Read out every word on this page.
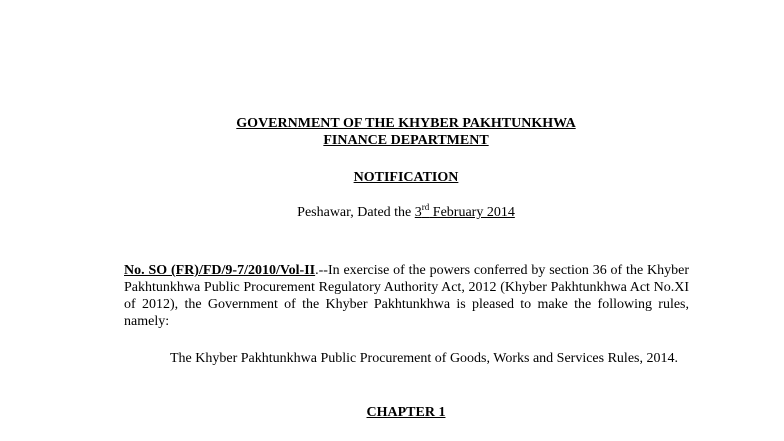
GOVERNMENT OF THE KHYBER PAKHTUNKHWA
FINANCE DEPARTMENT
NOTIFICATION
Peshawar, Dated the 3rd February 2014
No. SO (FR)/FD/9-7/2010/Vol-II.--In exercise of the powers conferred by section 36 of the Khyber Pakhtunkhwa Public Procurement Regulatory Authority Act, 2012 (Khyber Pakhtunkhwa Act No.XI of 2012), the Government of the Khyber Pakhtunkhwa is pleased to make the following rules, namely:
The Khyber Pakhtunkhwa Public Procurement of Goods, Works and Services Rules, 2014.
CHAPTER 1
